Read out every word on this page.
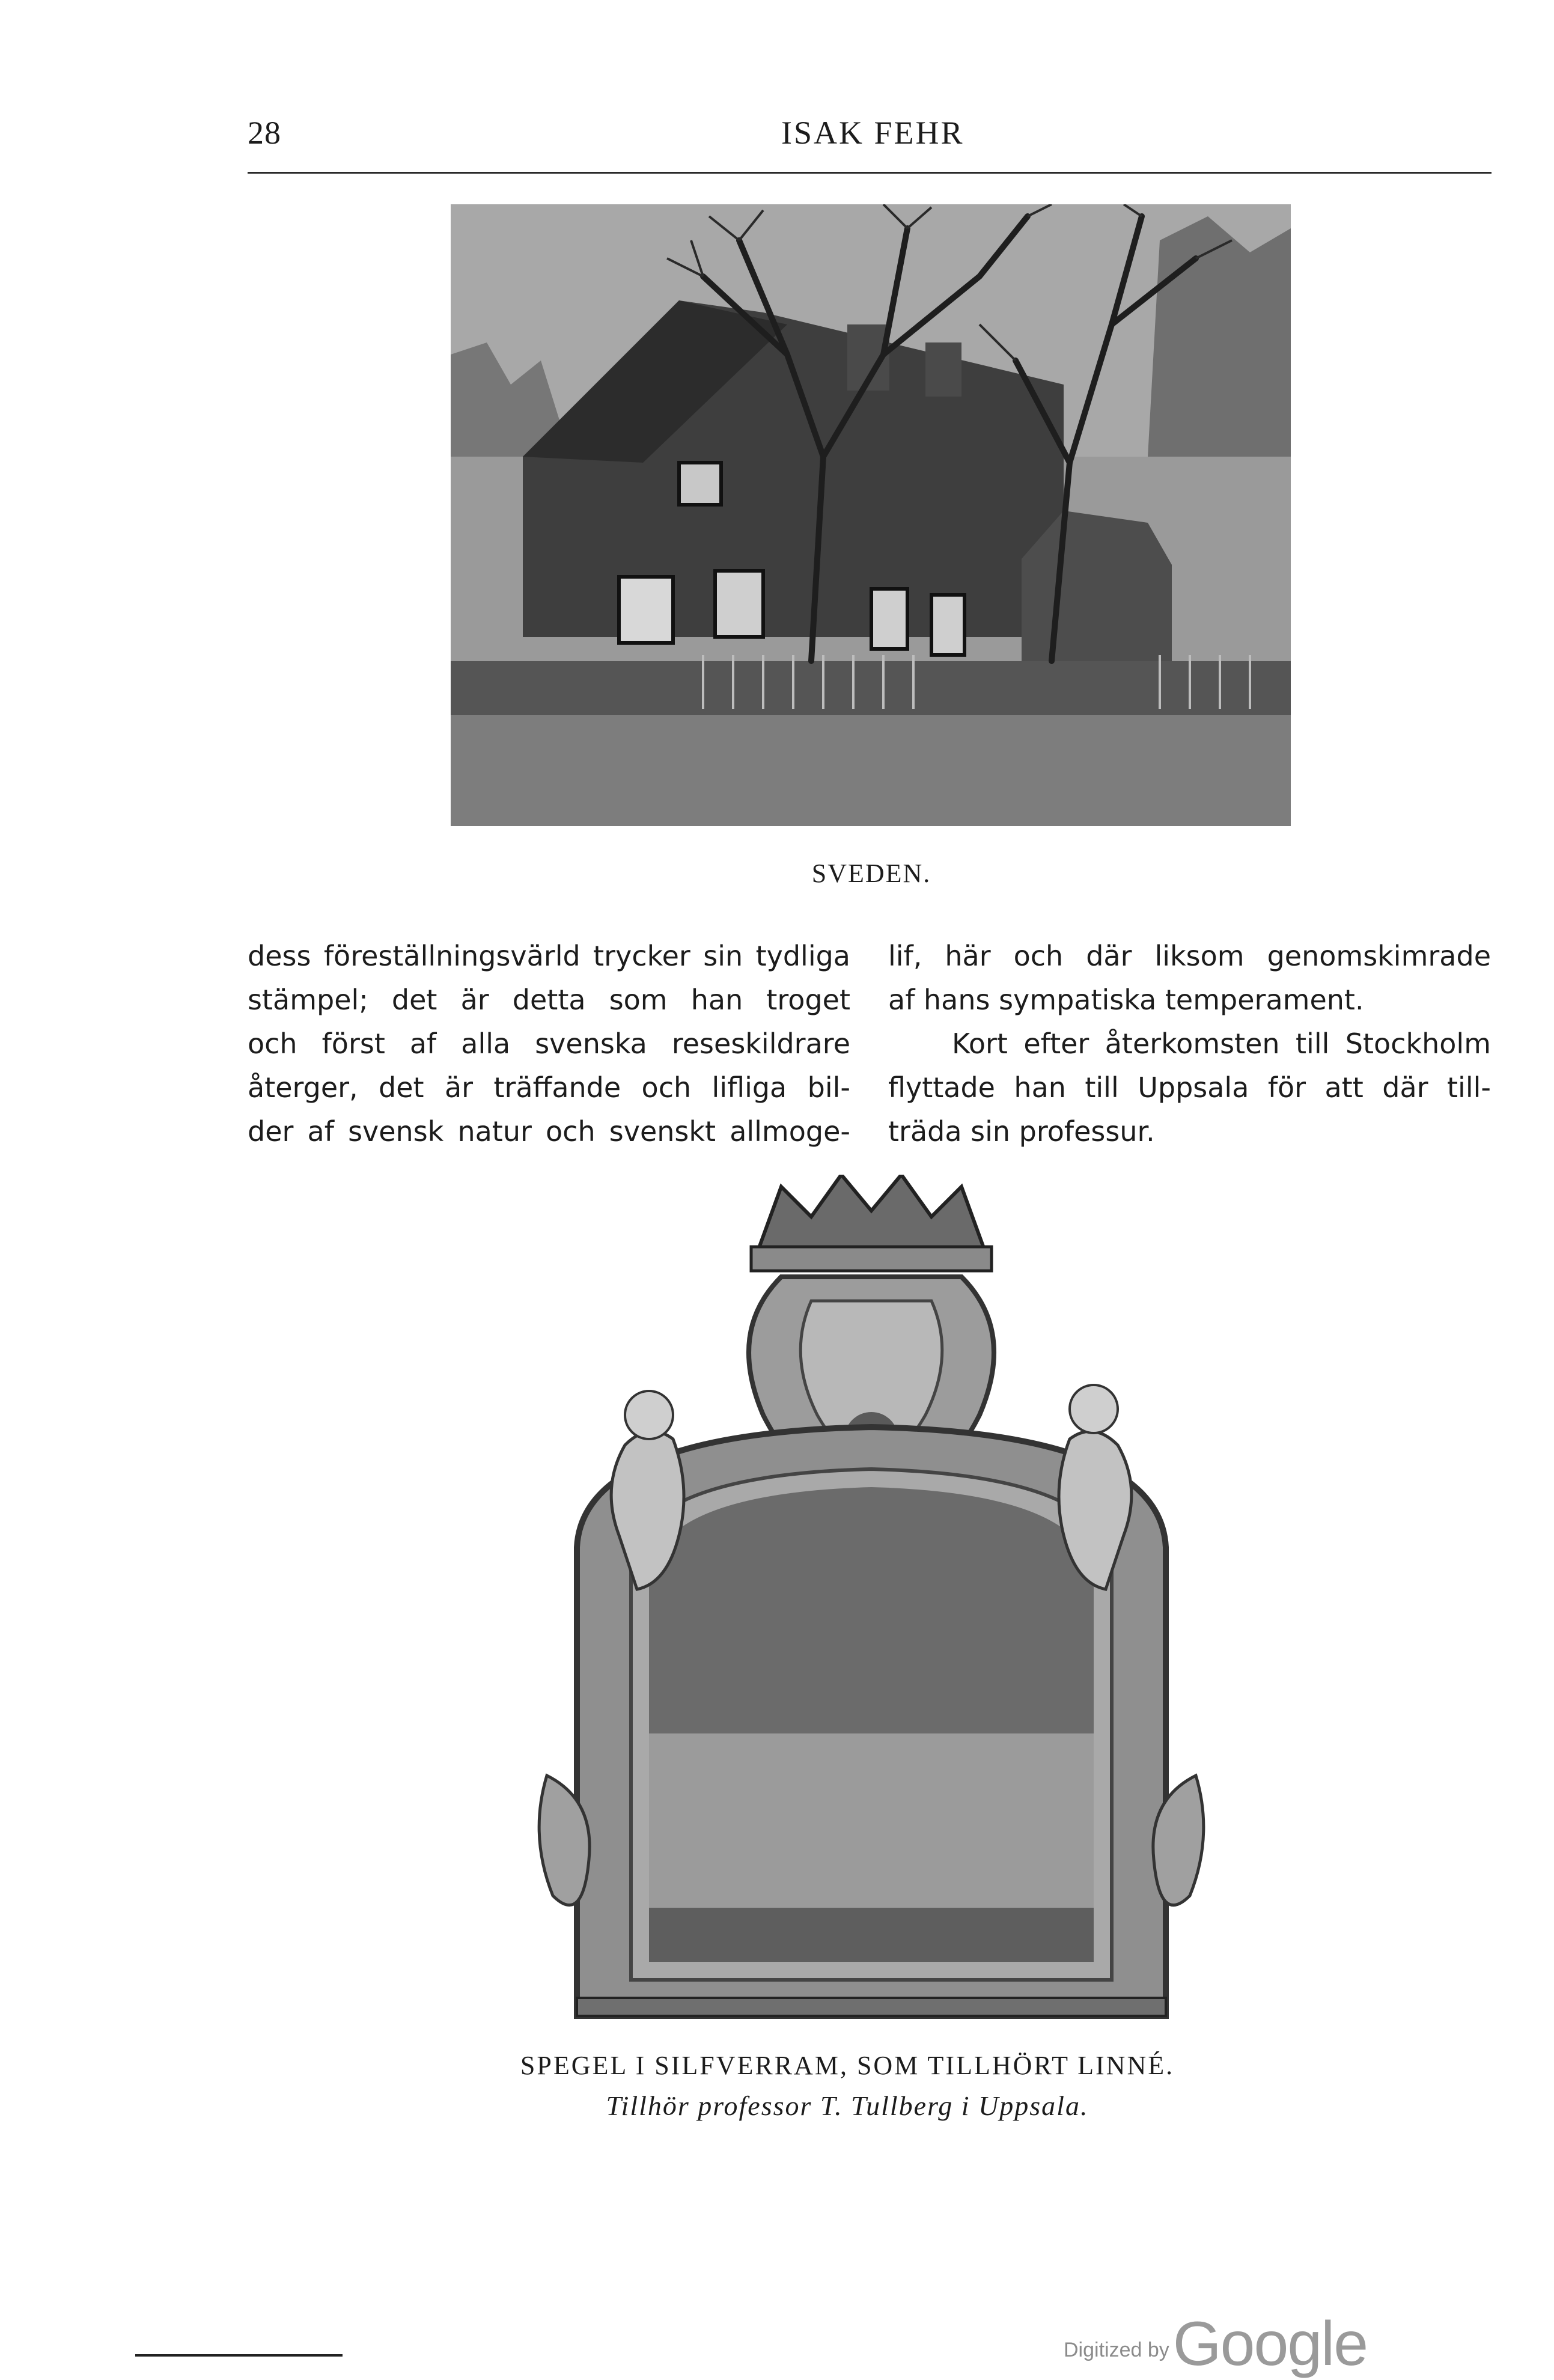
28	ISAK FEHR
SVEDEN.

dess föreställningsvärld trycker sin tydliga

stämpel; det är detta som han troget

och först af alla svenska reseskildrare

återger, det är träffande och lifliga bil-

der af svensk natur och svenskt allmoge-

lif, här och där liksom genomskimrade

af hans sympatiska temperament.

Kort efter återkomsten till Stockholm

flyttade han till Uppsala för att där till-

träda sin professur.

SPEGEL I SILFVERRAM, SOM TILLHÖRT LINNÉ.
Tillhör professor T. Tullberg i Uppsala.
Digitized byGoogle
